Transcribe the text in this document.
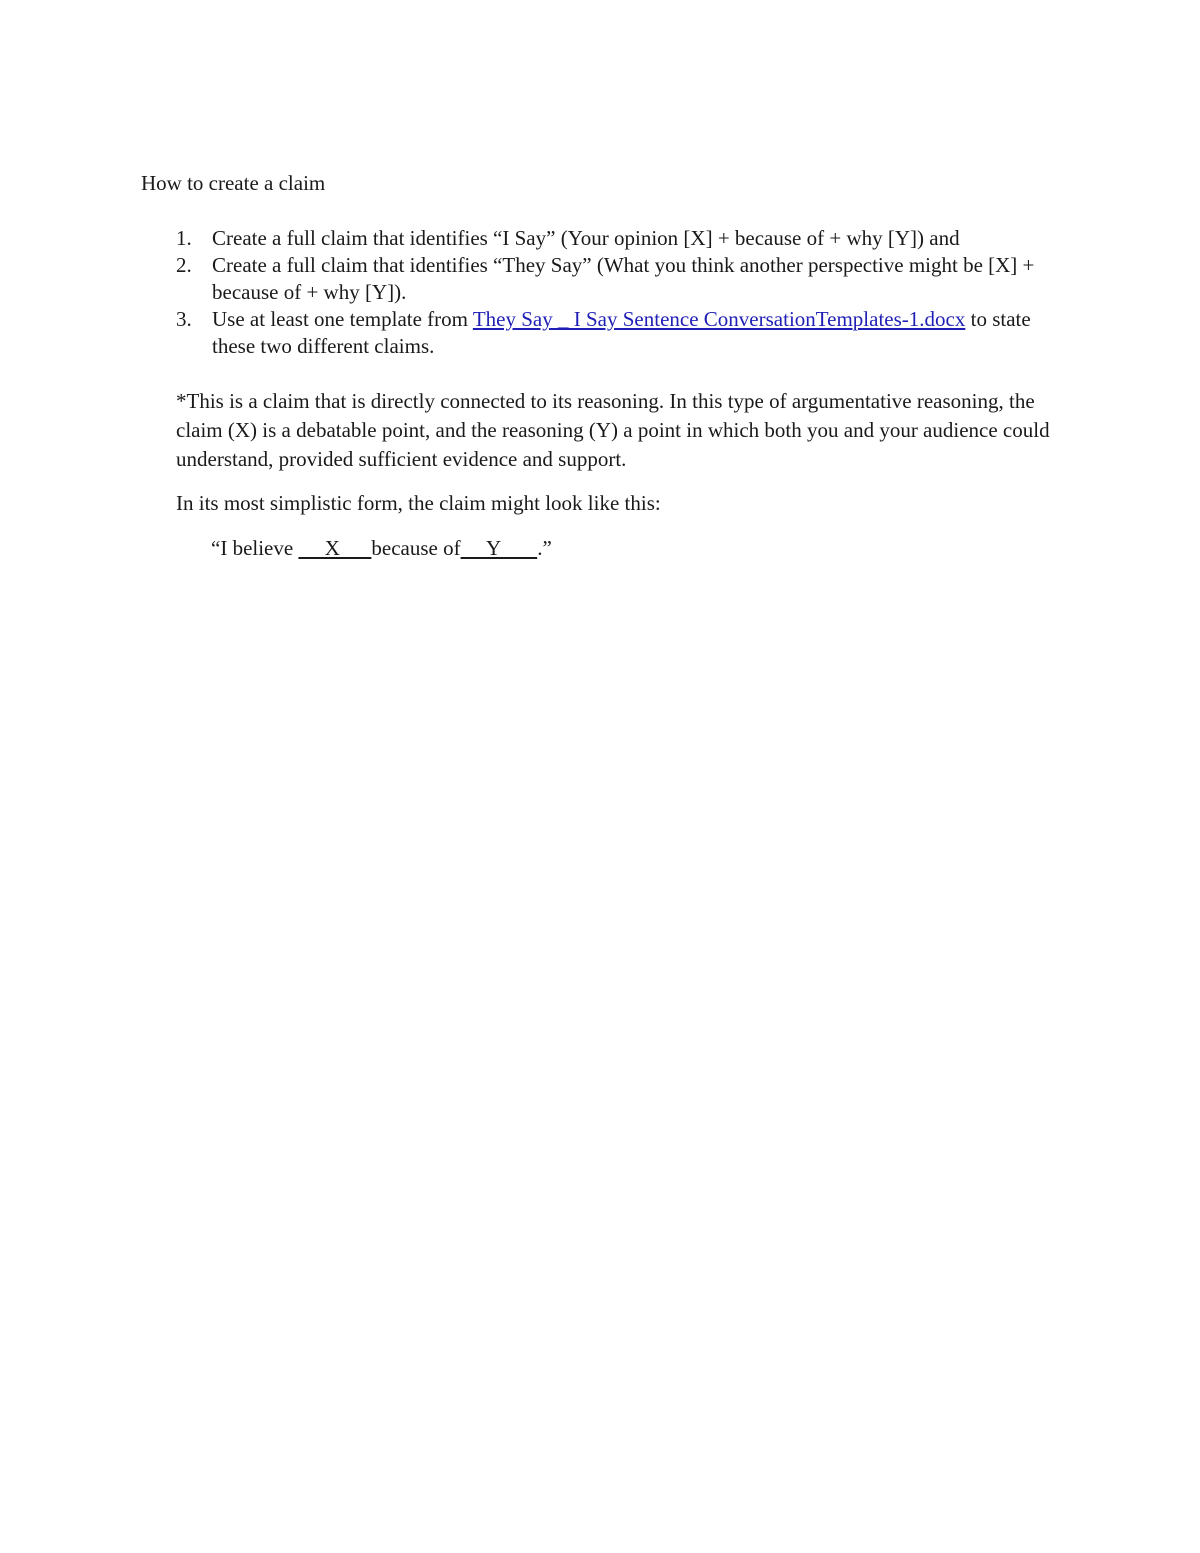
How to create a claim

1. Create a full claim that identifies “I Say” (Your opinion [X] + because of + why [Y]) and
2. Create a full claim that identifies “They Say” (What you think another perspective might be [X] + because of + why [Y]).
3. Use at least one template from They Say _ I Say Sentence ConversationTemplates-1.docx to state these two different claims.

*This is a claim that is directly connected to its reasoning. In this type of argumentative reasoning, the claim (X) is a debatable point, and the reasoning (Y) a point in which both you and your audience could understand, provided sufficient evidence and support.

In its most simplistic form, the claim might look like this:

“I believe      X      because of     Y       .”
